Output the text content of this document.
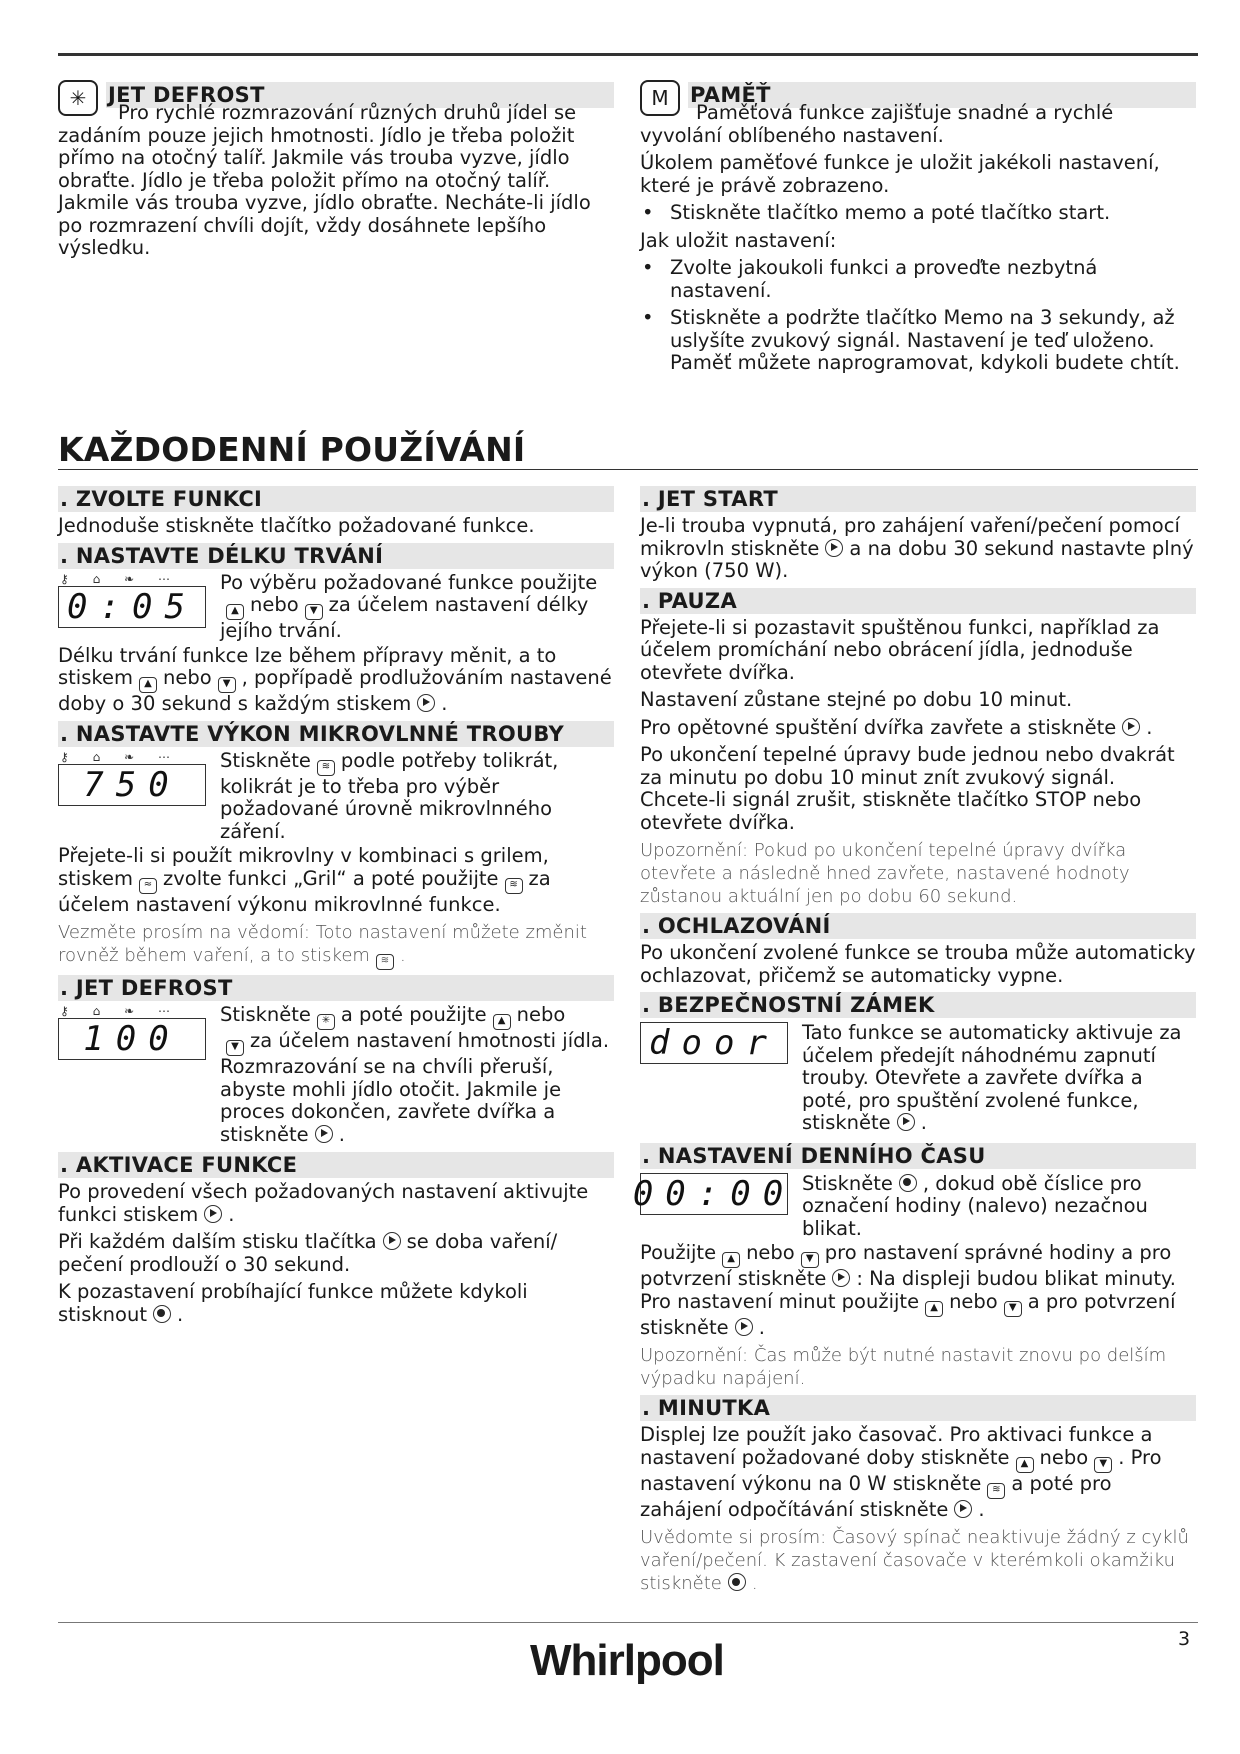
✳	JET DEFROST

Pro rychlé rozmrazování různých druhů jídel se zadáním pouze jejich hmotnosti. Jídlo je třeba položit přímo na otočný talíř. Jakmile vás trouba vyzve, jídlo obraťte. Jídlo je třeba položit přímo na otočný talíř. Jakmile vás trouba vyzve, jídlo obraťte. Necháte-li jídlo po rozmrazení chvíli dojít, vždy dosáhnete lepšího výsledku.

M	PAMĚŤ

Paměťová funkce zajišťuje snadné a rychlé vyvolání oblíbeného nastavení.

Úkolem paměťové funkce je uložit jakékoli nastavení, které je právě zobrazeno.

• Stiskněte tlačítko memo a poté tlačítko start.

Jak uložit nastavení:

• Zvolte jakoukoli funkci a proveďte nezbytná nastavení.
• Stiskněte a podržte tlačítko Memo na 3 sekundy, až uslyšíte zvukový signál. Nastavení je teď uloženo. Paměť můžete naprogramovat, kdykoli budete chtít.
KAŽDODENNÍ POUŽÍVÁNÍ
. ZVOLTE FUNKCI

Jednoduše stiskněte tlačítko požadované funkce.

. NASTAVTE DÉLKU TRVÁNÍ
⚷ ⌂ ❧ ⋯
0:05
Po výběru požadované funkce použijte
▲ nebo ▼ za účelem nastavení délky jejího trvání.

Délku trvání funkce lze během přípravy měnit, a to stiskem ▲ nebo ▼ , popřípadě prodlužováním nastavené doby o 30 sekund s každým stiskem .

. NASTAVTE VÝKON MIKROVLNNÉ TROUBY
⚷ ⌂ ❧ ⋯
750
Stiskněte ≋ podle potřeby tolikrát, kolikrát je to třeba pro výběr požadované úrovně mikrovlnného záření.

Přejete-li si použít mikrovlny v kombinaci s grilem, stiskem ≈ zvolte funkci „Gril“ a poté použijte ≋ za účelem nastavení výkonu mikrovlnné funkce.

Vezměte prosím na vědomí: Toto nastavení můžete změnit rovněž během vaření, a to stiskem ≋ .

. JET DEFROST
⚷ ⌂ ❧ ⋯
100
Stiskněte ✳ a poté použijte ▲ nebo
▼ za účelem nastavení hmotnosti jídla. Rozmrazování se na chvíli přeruší, abyste mohli jídlo otočit. Jakmile je proces dokončen, zavřete dvířka a stiskněte .
. AKTIVACE FUNKCE

Po provedení všech požadovaných nastavení aktivujte funkci stiskem .

Při každém dalším stisku tlačítka se doba vaření/ pečení prodlouží o 30 sekund.

K pozastavení probíhající funkce můžete kdykoli stisknout .

. JET START

Je-li trouba vypnutá, pro zahájení vaření/pečení pomocí mikrovln stiskněte a na dobu 30 sekund nastavte plný výkon (750 W).

. PAUZA

Přejete-li si pozastavit spuštěnou funkci, například za účelem promíchání nebo obrácení jídla, jednoduše otevřete dvířka.

Nastavení zůstane stejné po dobu 10 minut.

Pro opětovné spuštění dvířka zavřete a stiskněte .

Po ukončení tepelné úpravy bude jednou nebo dvakrát za minutu po dobu 10 minut znít zvukový signál. Chcete-li signál zrušit, stiskněte tlačítko STOP nebo otevřete dvířka.

Upozornění: Pokud po ukončení tepelné úpravy dvířka otevřete a následně hned zavřete, nastavené hodnoty zůstanou aktuální jen po dobu 60 sekund.

. OCHLAZOVÁNÍ

Po ukončení zvolené funkce se trouba může automaticky ochlazovat, přičemž se automaticky vypne.

. BEZPEČNOSTNÍ ZÁMEK
door	Tato funkce se automaticky aktivuje za účelem předejít náhodnému zapnutí trouby. Otevřete a zavřete dvířka a poté, pro spuštění zvolené funkce, stiskněte .
. NASTAVENÍ DENNÍHO ČASU
00:00 Stiskněte , dokud obě číslice pro označení hodiny (nalevo) nezačnou blikat.

Použijte ▲ nebo ▼ pro nastavení správné hodiny a pro potvrzení stiskněte : Na displeji budou blikat minuty. Pro nastavení minut použijte ▲ nebo ▼ a pro potvrzení stiskněte .

Upozornění: Čas může být nutné nastavit znovu po delším výpadku napájení.

. MINUTKA

Displej lze použít jako časovač. Pro aktivaci funkce a nastavení požadované doby stiskněte ▲ nebo ▼ . Pro nastavení výkonu na 0 W stiskněte ≋ a poté pro zahájení odpočítávání stiskněte .

Uvědomte si prosím: Časový spínač neaktivuje žádný z cyklů vaření/pečení. K zastavení časovače v kterémkoli okamžiku stiskněte .

3
Whirlpool
